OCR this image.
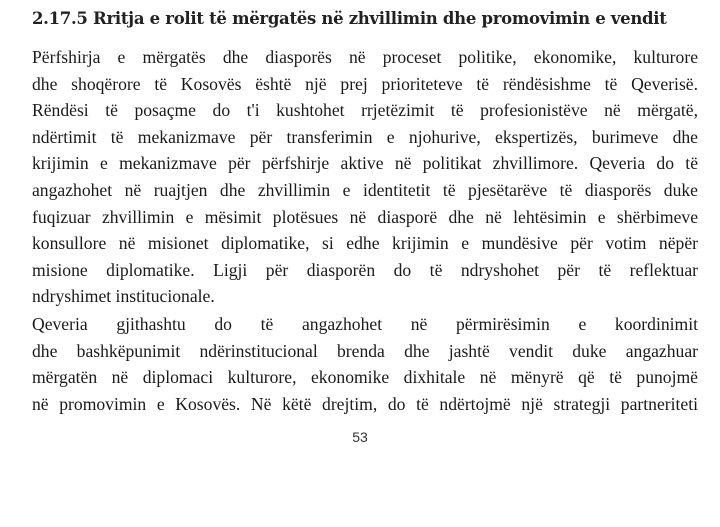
2.17.5 Rritja e rolit të mërgatës në zhvillimin dhe promovimin e vendit
Përfshirja e mërgatës dhe diasporës në proceset politike, ekonomike, kulturore
dhe shoqërore të Kosovës është një prej prioriteteve të rëndësishme të Qeverisë.
Rëndësi të posaçme do t'i kushtohet rrjetëzimit të profesionistëve në mërgatë,
ndërtimit të mekanizmave për transferimin e njohurive, ekspertizës, burimeve dhe
krijimin e mekanizmave për përfshirje aktive në politikat zhvillimore. Qeveria do të
angazhohet në ruajtjen dhe zhvillimin e identitetit të pjesëtarëve të diasporës duke
fuqizuar zhvillimin e mësimit plotësues në diasporë dhe në lehtësimin e shërbimeve
konsullore në misionet diplomatike, si edhe krijimin e mundësive për votim nëpër
misione diplomatike. Ligji për diasporën do të ndryshohet për të reflektuar
ndryshimet institucionale.
Qeveria gjithashtu do të angazhohet në përmirësimin e koordinimit
dhe bashkëpunimit ndërinstitucional brenda dhe jashtë vendit duke angazhuar
mërgatën në diplomaci kulturore, ekonomike dixhitale në mënyrë që të punojmë
në promovimin e Kosovës. Në këtë drejtim, do të ndërtojmë një strategji partneriteti
53
